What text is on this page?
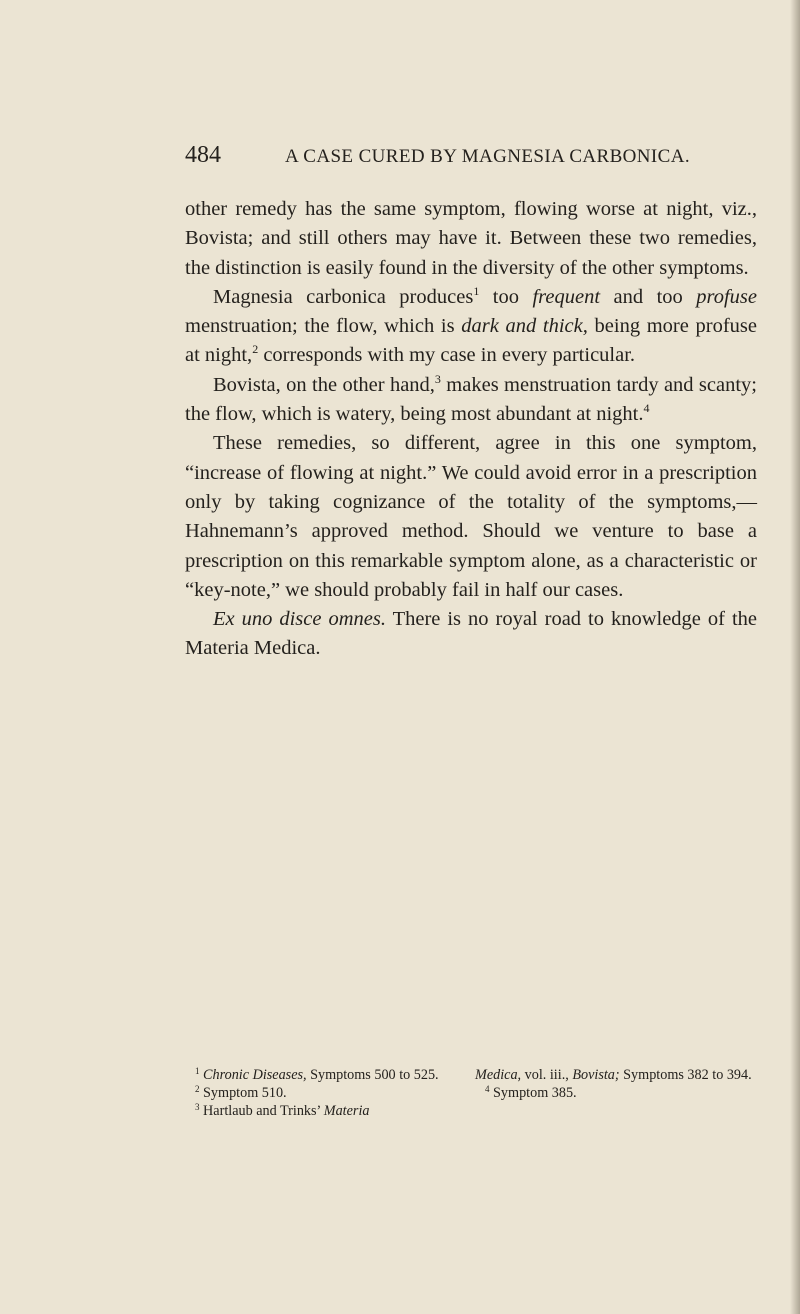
484	A CASE CURED BY MAGNESIA CARBONICA.

other remedy has the same symptom, flowing worse at night, viz., Bovista; and still others may have it. Between these two remedies, the distinction is easily found in the diversity of the other symptoms.

Magnesia carbonica produces$^1$ too frequent and too profuse menstruation; the flow, which is dark and thick, being more profuse at night,$^2$ corresponds with my case in every particular.

Bovista, on the other hand,$^3$ makes menstruation tardy and scanty; the flow, which is watery, being most abundant at night.$^4$

These remedies, so different, agree in this one symptom, “increase of flowing at night.” We could avoid error in a prescription only by taking cognizance of the totality of the symptoms,—Hahnemann’s approved method. Should we venture to base a prescription on this remarkable symptom alone, as a characteristic or “key-note,” we should probably fail in half our cases.

Ex uno disce omnes. There is no royal road to knowledge of the Materia Medica.

$^1$ Chronic Diseases, Symptoms 500 to 525.

$^2$ Symptom 510.

$^3$ Hartlaub and Trinks’ Materia

Medica, vol. iii., Bovista; Symptoms 382 to 394.

$^4$ Symptom 385.
